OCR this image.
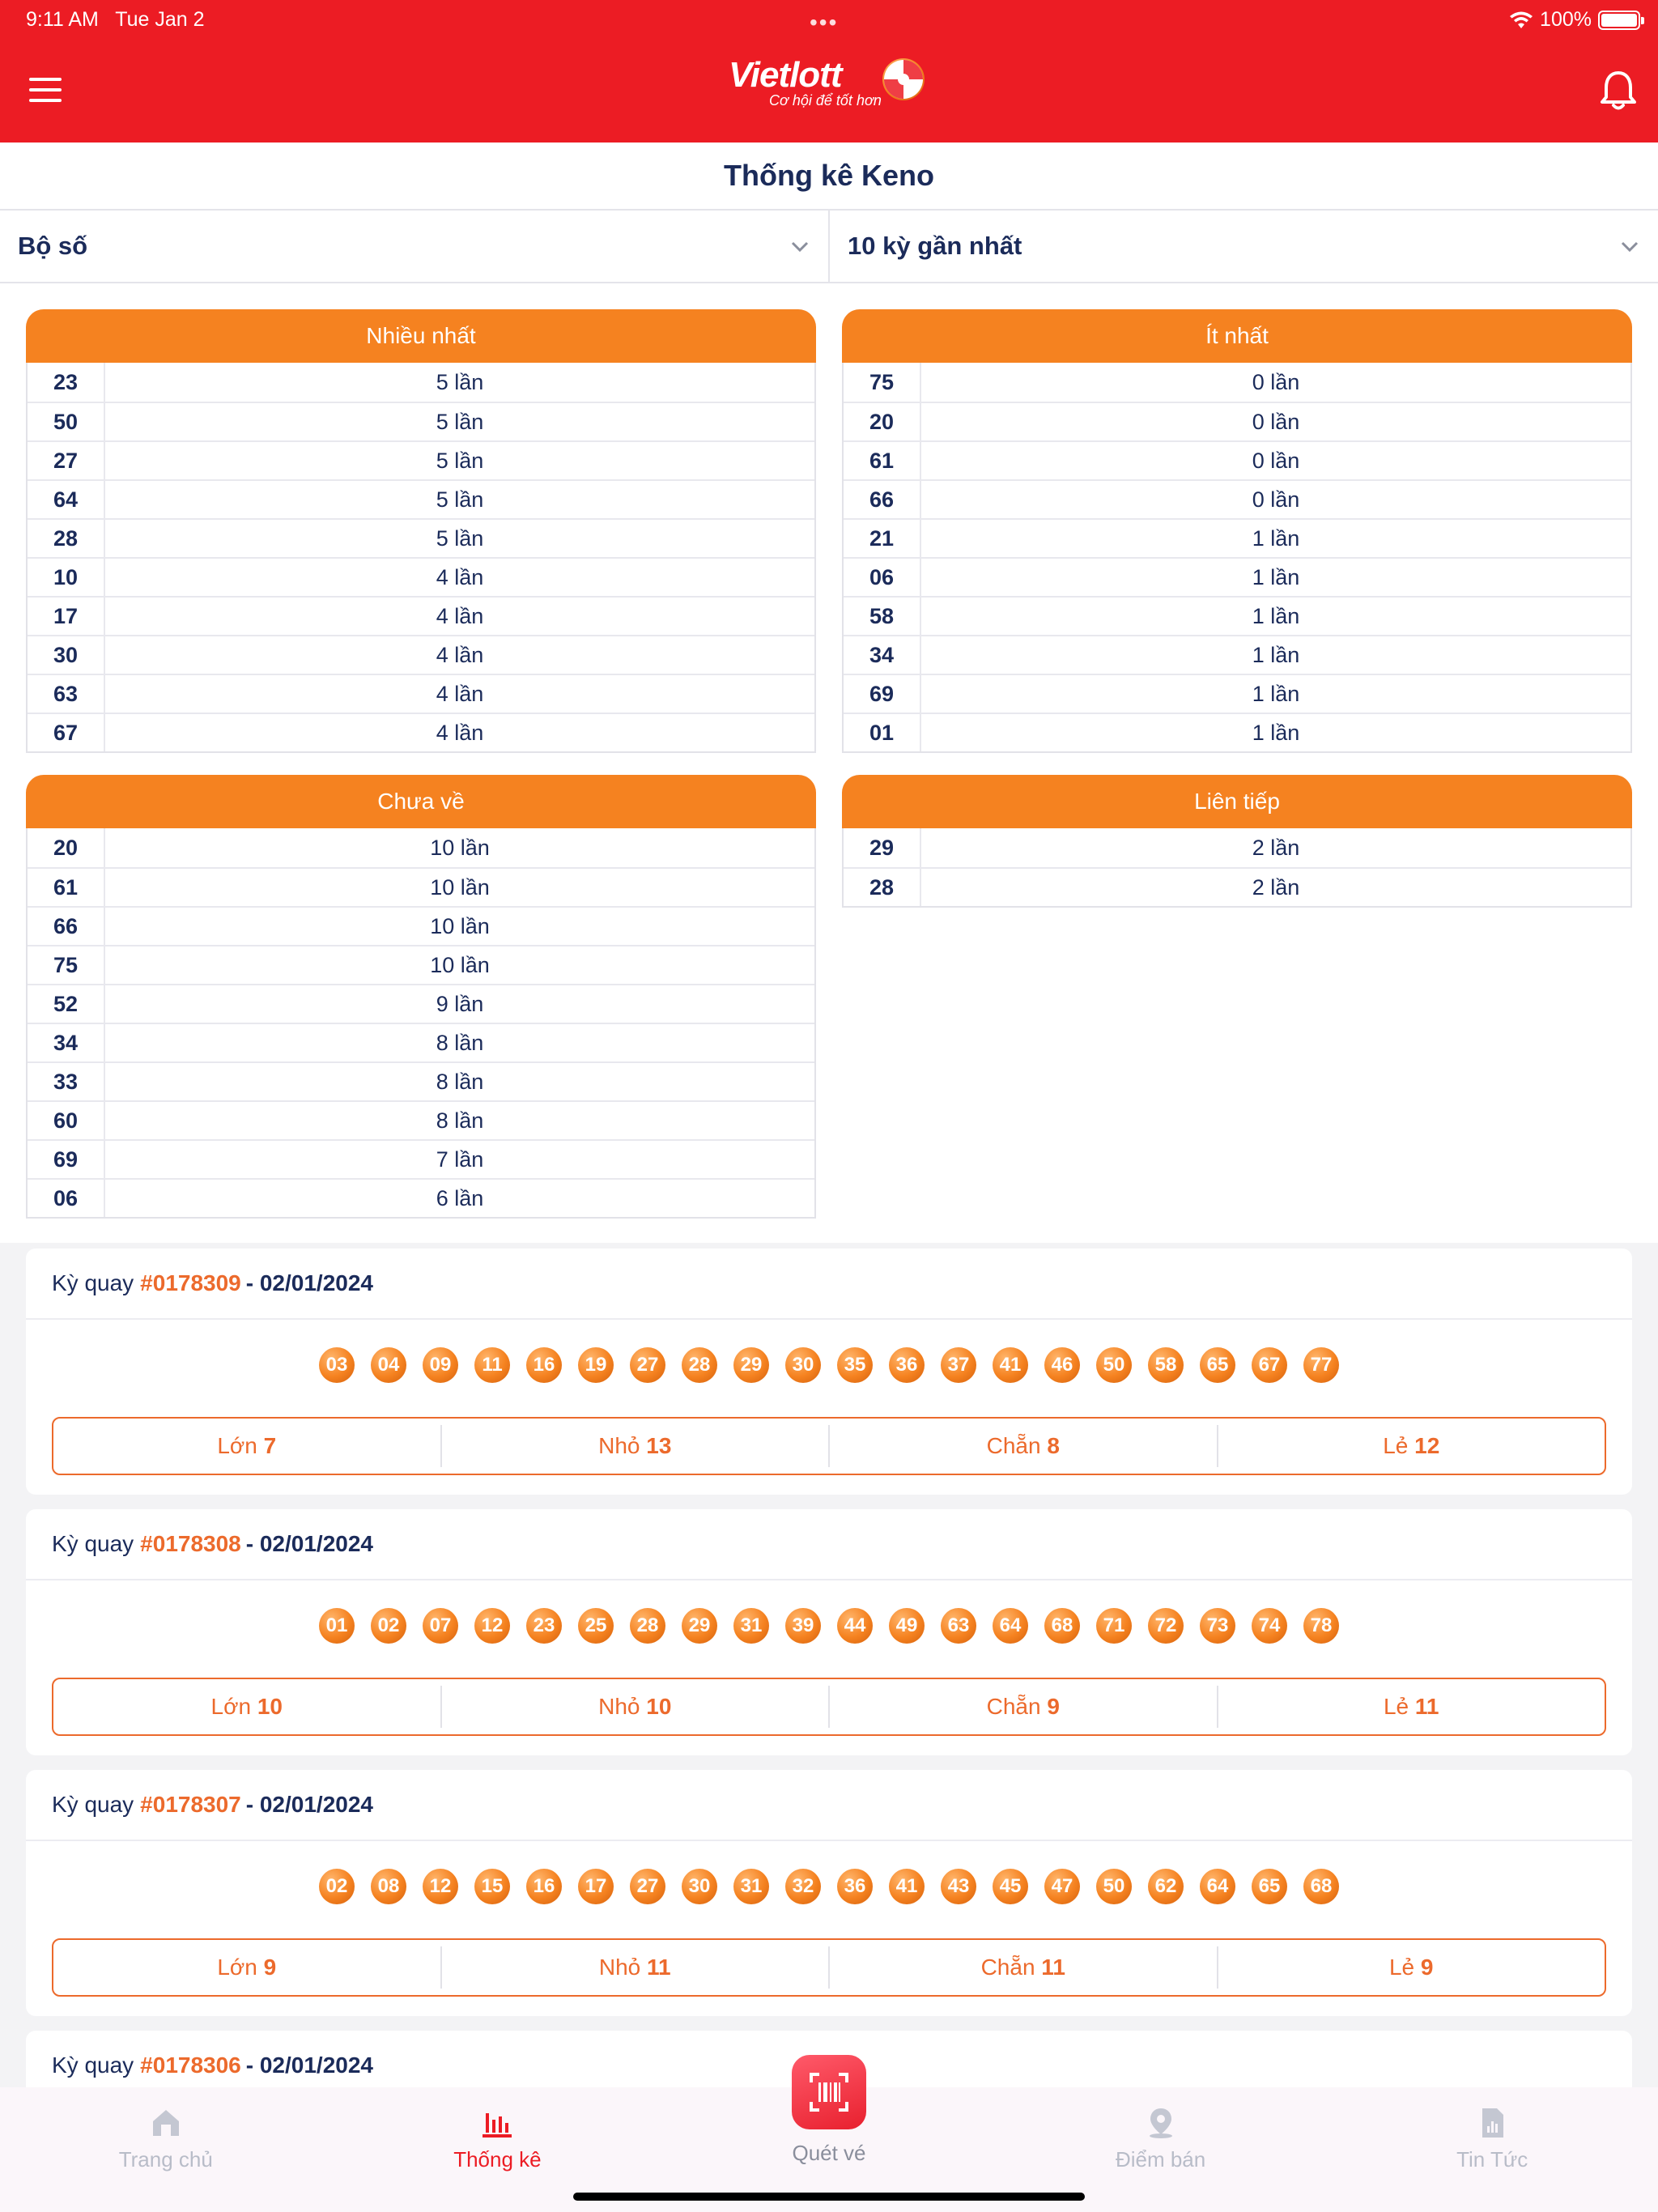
9:11 AM Tue Jan 2	•••	100%
Vietlott
Cơ hội để tốt hơn
Thống kê Keno
Bộ số	10 kỳ gần nhất
Nhiều nhất
23	5 lần
50	5 lần
27	5 lần
64	5 lần
28	5 lần
10	4 lần
17	4 lần
30	4 lần
63	4 lần
67	4 lần
Ít nhất
75	0 lần
20	0 lần
61	0 lần
66	0 lần
21	1 lần
06	1 lần
58	1 lần
34	1 lần
69	1 lần
01	1 lần
Chưa về
20	10 lần
61	10 lần
66	10 lần
75	10 lần
52	9 lần
34	8 lần
33	8 lần
60	8 lần
69	7 lần
06	6 lần
Liên tiếp
29	2 lần
28	2 lần
Kỳ quay #0178309 - 02/01/2024
03	04	09	11	16	19	27	28	29	30	35	36	37	41	46	50	58	65	67	77
Lớn 7	Nhỏ 13	Chẵn 8	Lẻ 12
Kỳ quay #0178308 - 02/01/2024
01	02	07	12	23	25	28	29	31	39	44	49	63	64	68	71	72	73	74	78
Lớn 10	Nhỏ 10	Chẵn 9	Lẻ 11
Kỳ quay #0178307 - 02/01/2024
02	08	12	15	16	17	27	30	31	32	36	41	43	45	47	50	62	64	65	68
Lớn 9	Nhỏ 11	Chẵn 11	Lẻ 9
Kỳ quay #0178306 - 02/01/2024
Trang chủ	Thống kê	Điểm bán	Tin Tức
Quét vé
